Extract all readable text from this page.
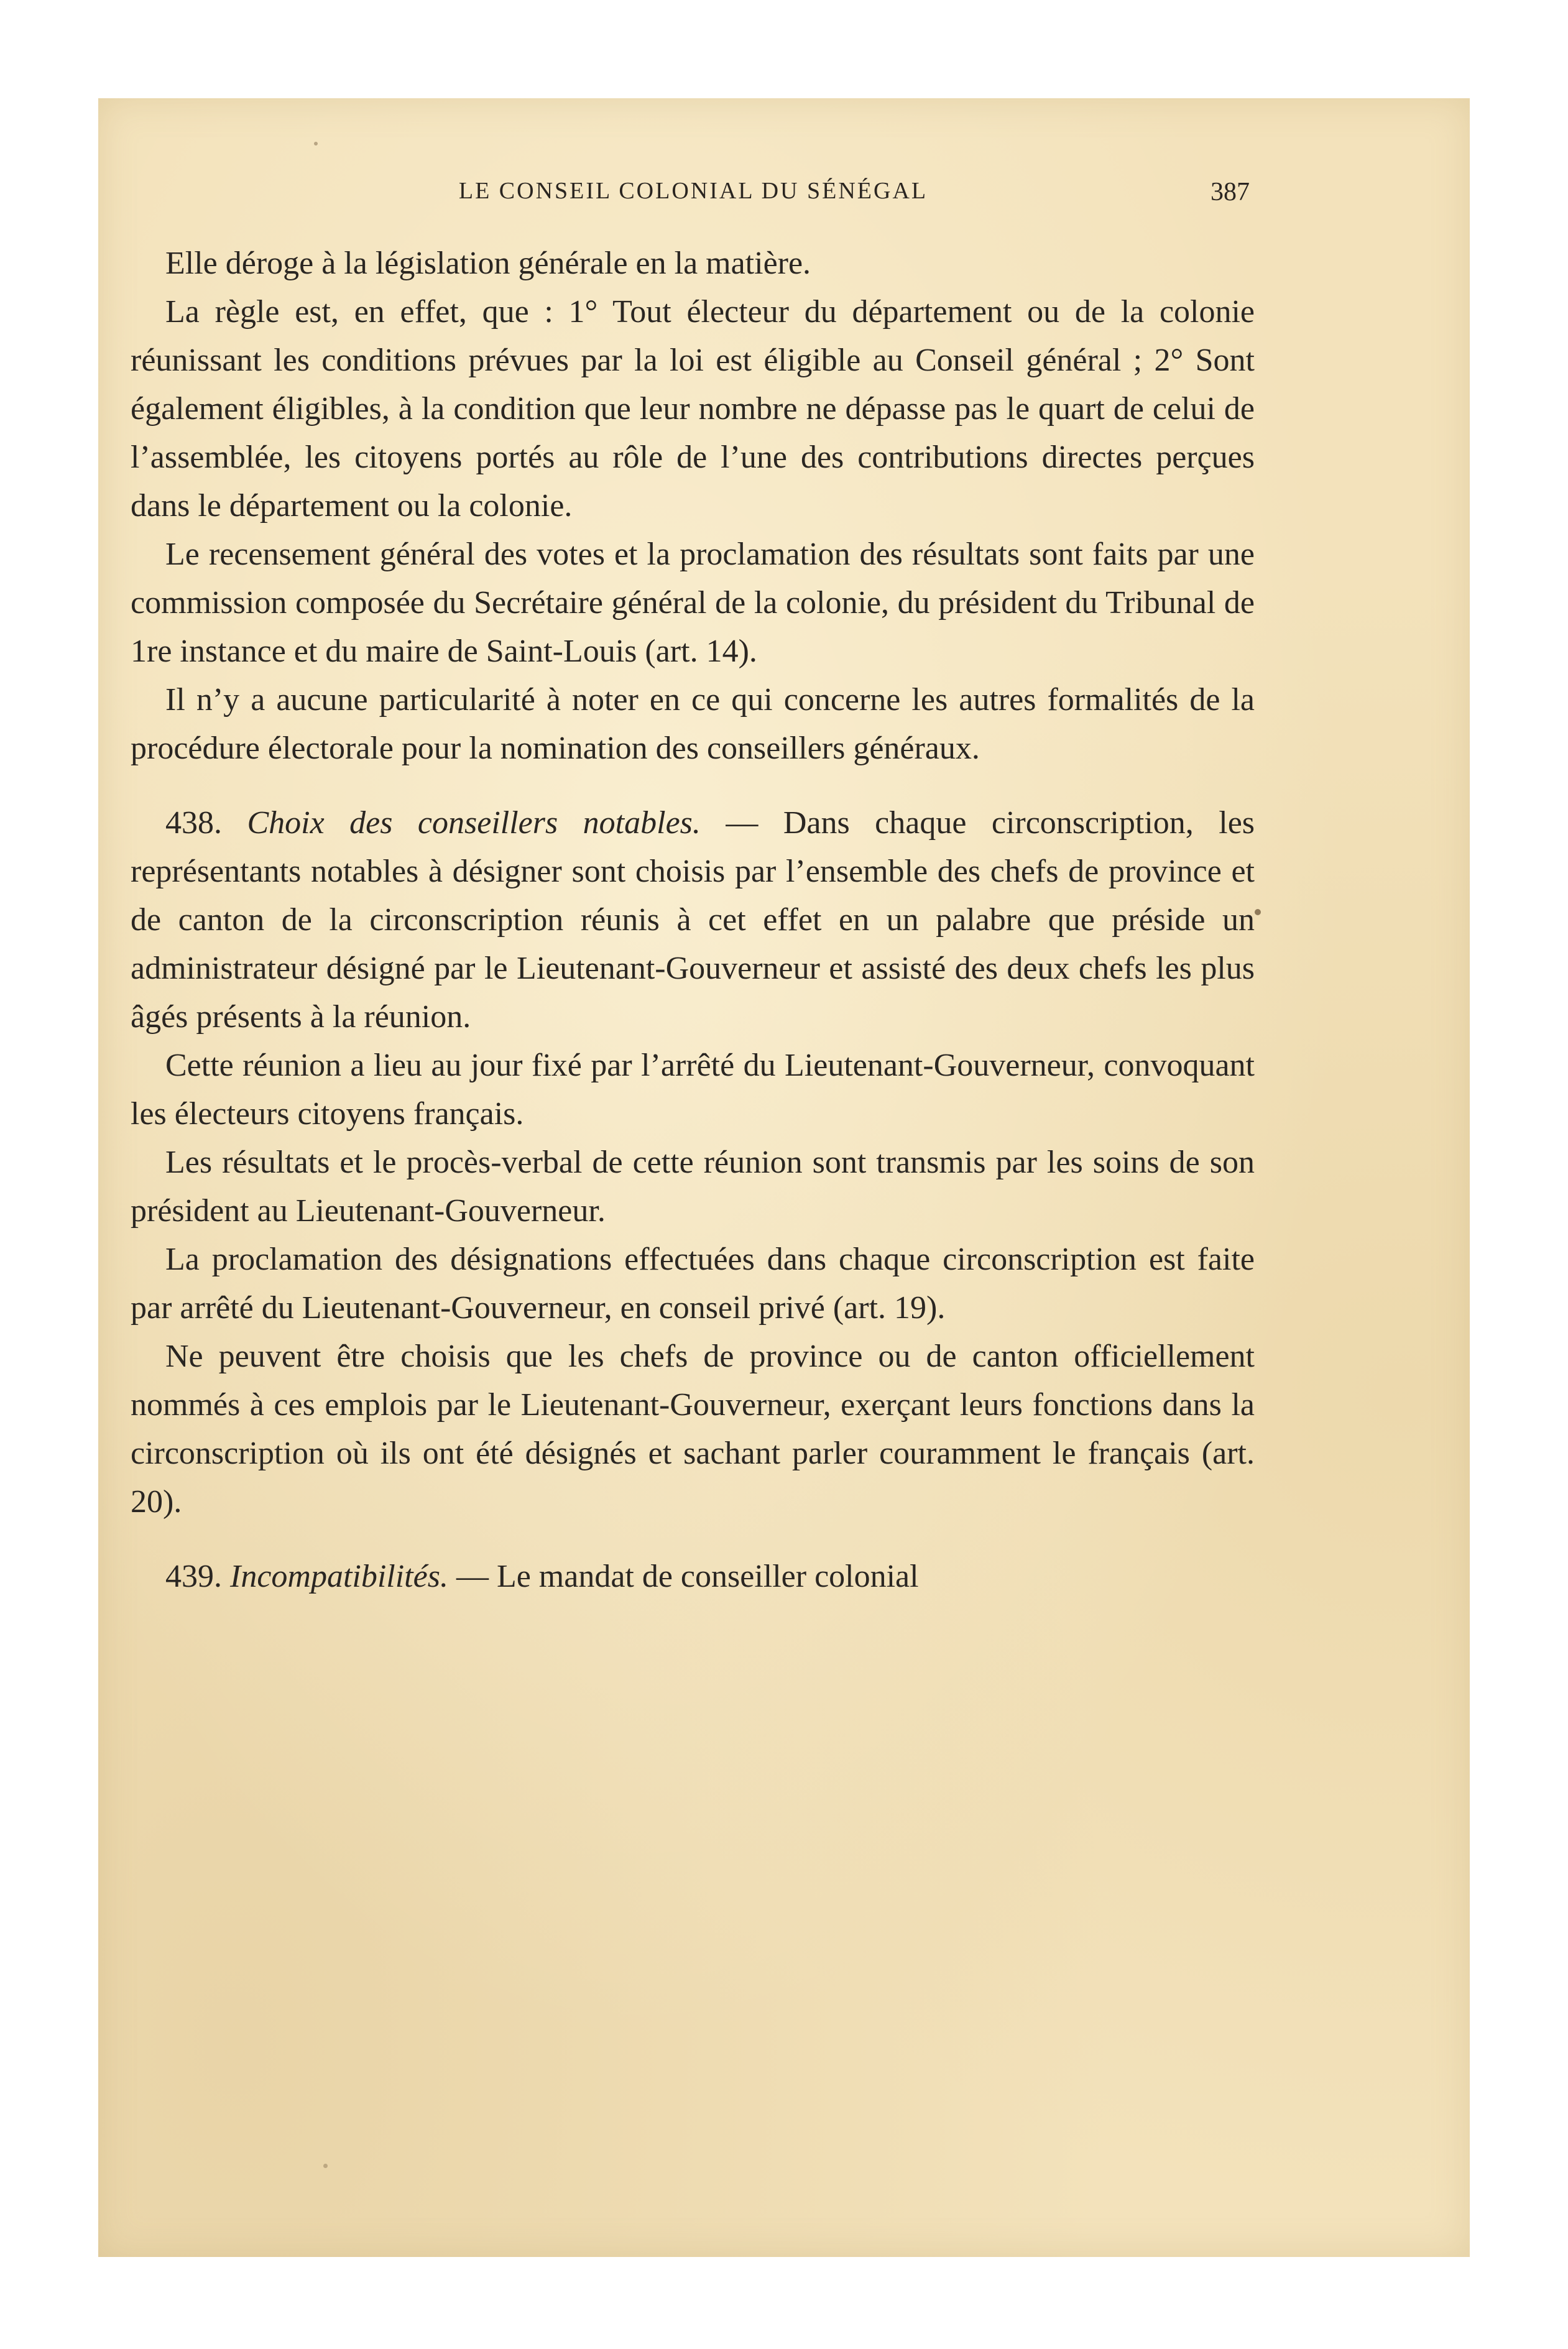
LE CONSEIL COLONIAL DU SÉNÉGAL	387

Elle déroge à la législation générale en la matière.

La règle est, en effet, que : 1° Tout électeur du département ou de la colonie réunissant les conditions prévues par la loi est éligible au Conseil général ; 2° Sont également éligibles, à la condition que leur nombre ne dépasse pas le quart de celui de l’assemblée, les citoyens portés au rôle de l’une des contributions directes perçues dans le département ou la colonie.

Le recensement général des votes et la proclamation des résultats sont faits par une commission composée du Secrétaire général de la colonie, du président du Tribunal de 1re instance et du maire de Saint-Louis (art. 14).

Il n’y a aucune particularité à noter en ce qui concerne les autres formalités de la procédure électorale pour la nomination des conseillers généraux.

438. Choix des conseillers notables. — Dans chaque circonscription, les représentants notables à désigner sont choisis par l’ensemble des chefs de province et de canton de la circonscription réunis à cet effet en un palabre que préside un administrateur désigné par le Lieutenant-Gouverneur et assisté des deux chefs les plus âgés présents à la réunion.

Cette réunion a lieu au jour fixé par l’arrêté du Lieutenant-Gouverneur, convoquant les électeurs citoyens français.

Les résultats et le procès-verbal de cette réunion sont transmis par les soins de son président au Lieutenant-Gouverneur.

La proclamation des désignations effectuées dans chaque circonscription est faite par arrêté du Lieutenant-Gouverneur, en conseil privé (art. 19).

Ne peuvent être choisis que les chefs de province ou de canton officiellement nommés à ces emplois par le Lieutenant-Gouverneur, exerçant leurs fonctions dans la circonscription où ils ont été désignés et sachant parler couramment le français (art. 20).

439. Incompatibilités. — Le mandat de conseiller colonial
